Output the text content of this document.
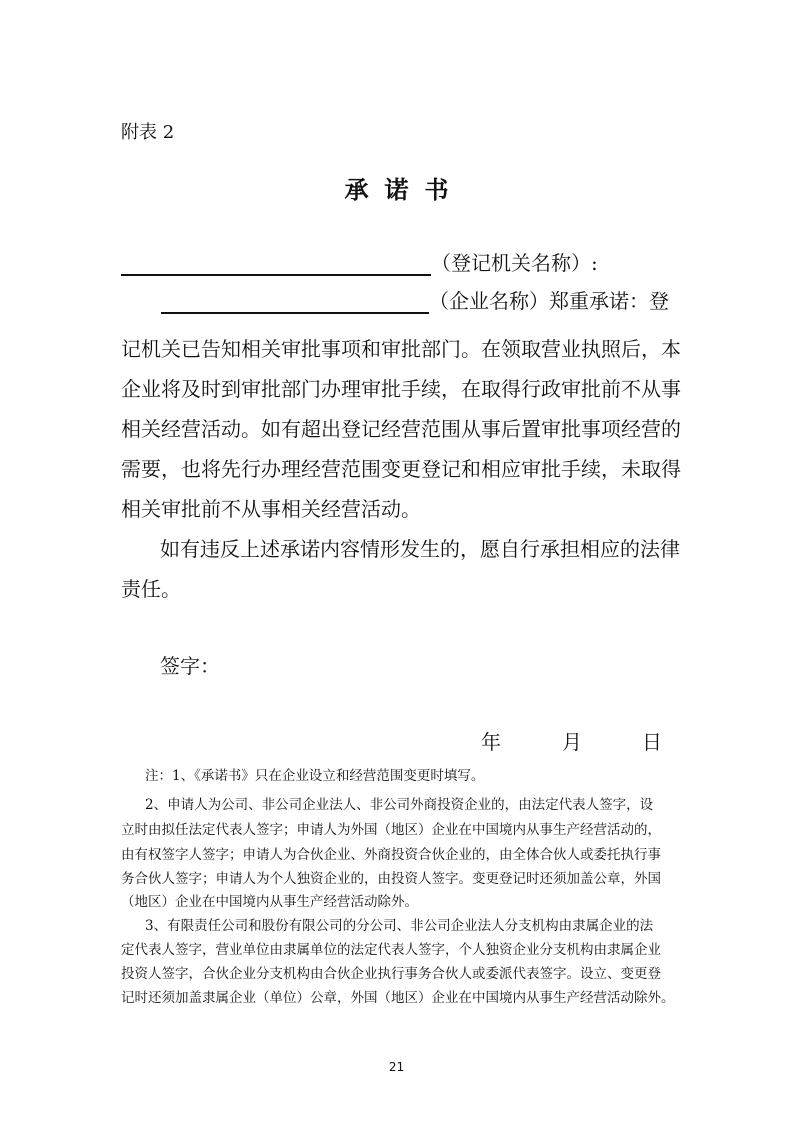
附表 2
承诺书
（登记机关名称）:
（企业名称）郑重承诺：登
记机关已告知相关审批事项和审批部门。在领取营业执照后，本
企业将及时到审批部门办理审批手续，在取得行政审批前不从事
相关经营活动。如有超出登记经营范围从事后置审批事项经营的
需要，也将先行办理经营范围变更登记和相应审批手续，未取得
相关审批前不从事相关经营活动。
如有违反上述承诺内容情形发生的，愿自行承担相应的法律
责任。
签字：
年	月	日
注：1、《承诺书》只在企业设立和经营范围变更时填写。
2、申请人为公司、非公司企业法人、非公司外商投资企业的，由法定代表人签字，设
立时由拟任法定代表人签字；申请人为外国（地区）企业在中国境内从事生产经营活动的，
由有权签字人签字；申请人为合伙企业、外商投资合伙企业的，由全体合伙人或委托执行事
务合伙人签字；申请人为个人独资企业的，由投资人签字。变更登记时还须加盖公章，外国
（地区）企业在中国境内从事生产经营活动除外。
3、有限责任公司和股份有限公司的分公司、非公司企业法人分支机构由隶属企业的法
定代表人签字，营业单位由隶属单位的法定代表人签字，个人独资企业分支机构由隶属企业
投资人签字，合伙企业分支机构由合伙企业执行事务合伙人或委派代表签字。设立、变更登
记时还须加盖隶属企业（单位）公章，外国（地区）企业在中国境内从事生产经营活动除外。
21
